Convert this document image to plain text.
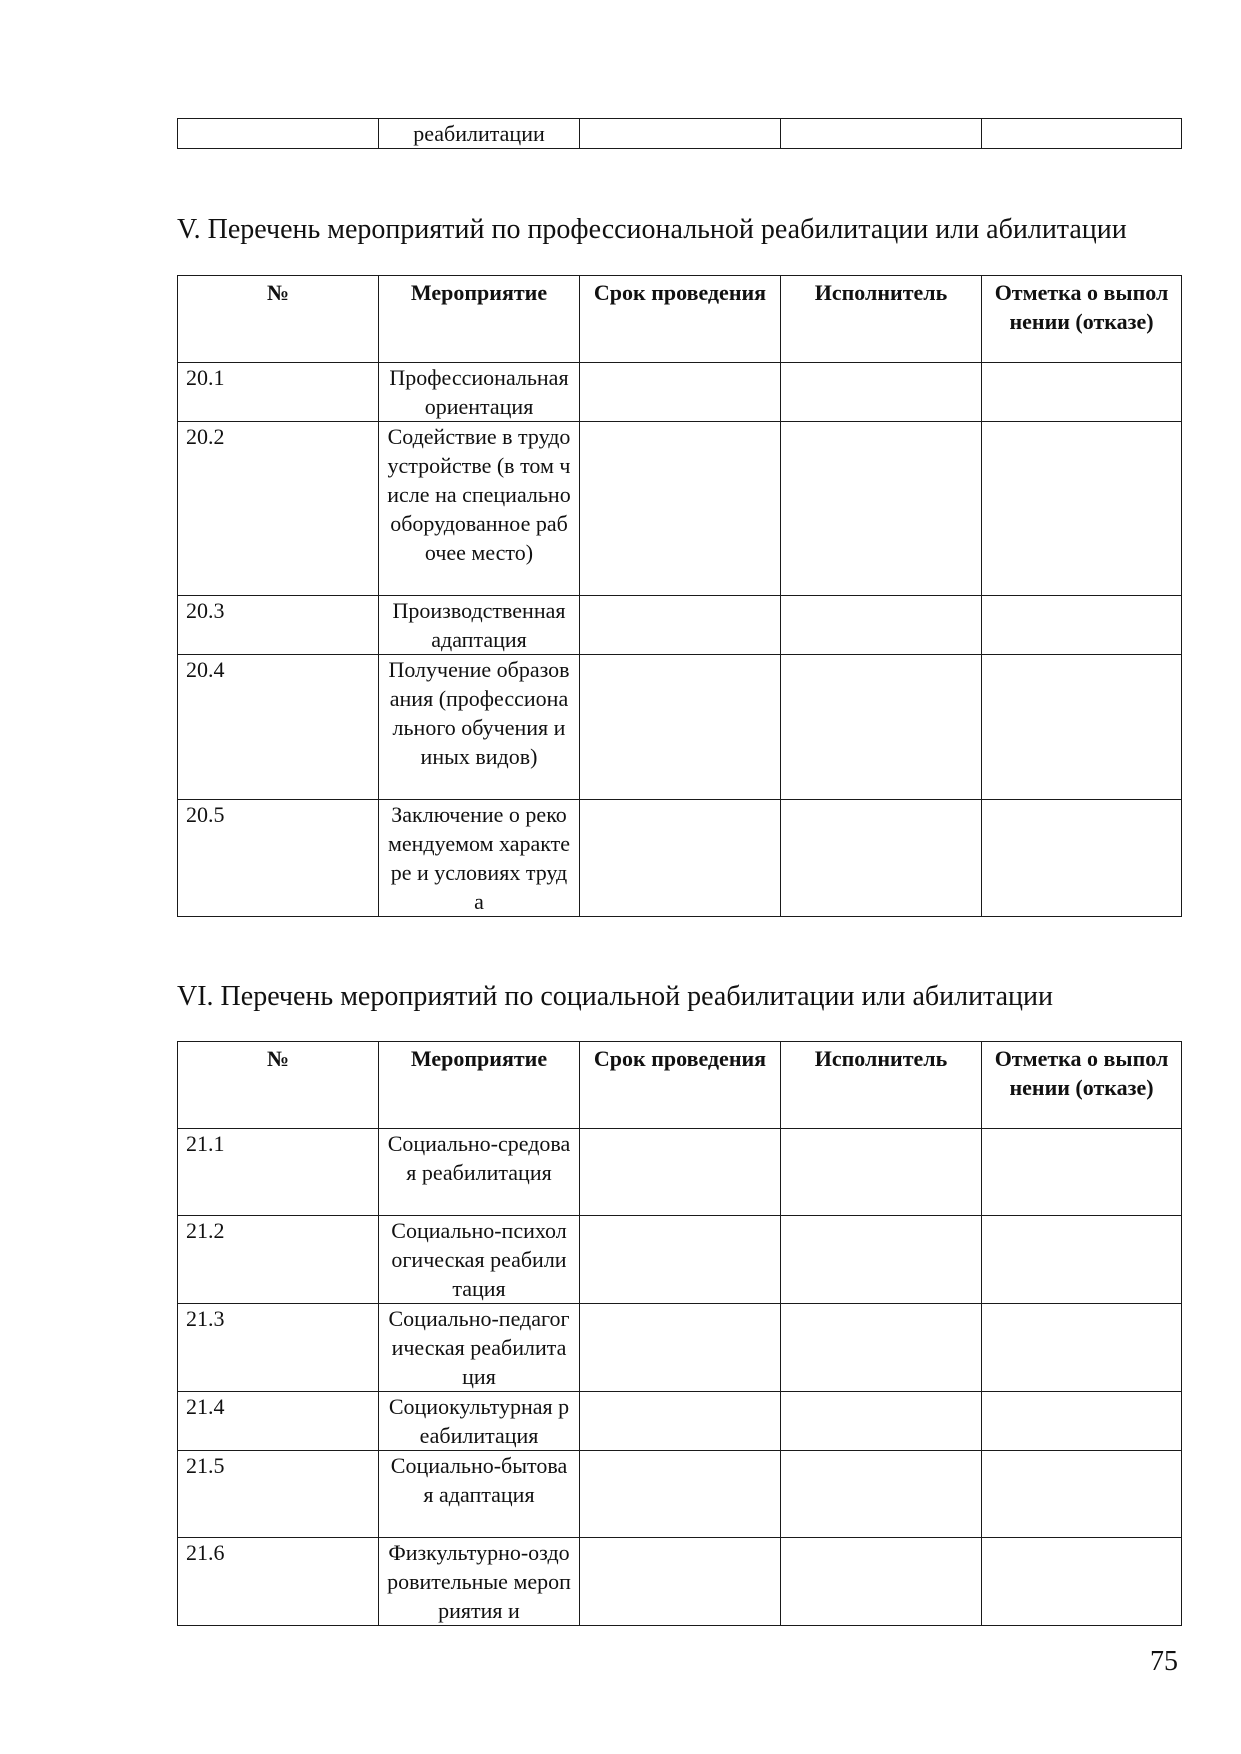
	реабилитации			
V. Перечень мероприятий по профессиональной реабилитации или абилитации
№	Мероприятие	Срок проведения	Исполнитель	Отметка о выполнении (отказе)
20.1	Профессиональная ориентация			
20.2	Содействие в трудоустройстве (в том числе на специально оборудованное рабочее место)			
20.3	Производственная адаптация			
20.4	Получение образования (профессионального обучения и иных видов)			
20.5	Заключение о рекомендуемом характере и условиях труда			
VI. Перечень мероприятий по социальной реабилитации или абилитации
№	Мероприятие	Срок проведения	Исполнитель	Отметка о выполнении (отказе)
21.1	Социально-средовая реабилитация			
21.2	Социально-психологическая реабилитация			
21.3	Социально-педагогическая реабилитация			
21.4	Социокультурная реабилитация			
21.5	Социально-бытовая адаптация			
21.6	Физкультурно-оздоровительные мероприятия и			
75
